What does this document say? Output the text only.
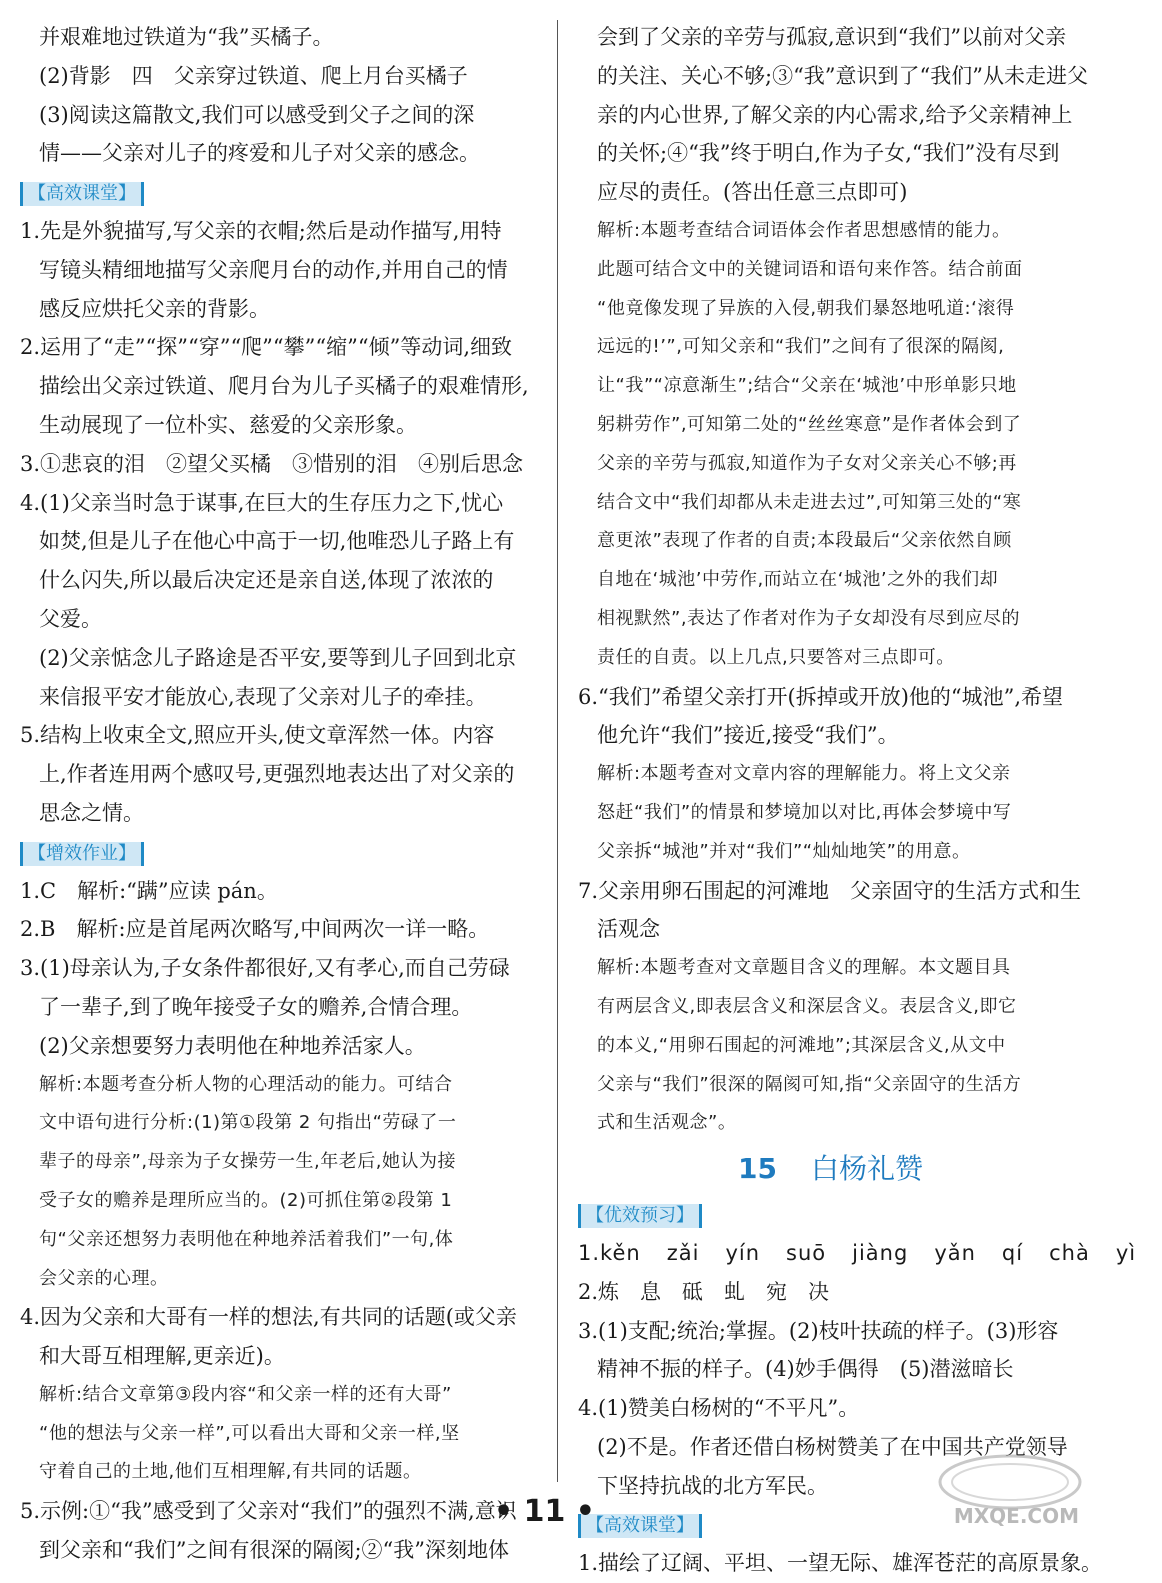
并艰难地过铁道为“我”买橘子。
(2)背影　四　父亲穿过铁道、爬上月台买橘子
(3)阅读这篇散文,我们可以感受到父子之间的深
情——父亲对儿子的疼爱和儿子对父亲的感念。
【高效课堂】
1.先是外貌描写,写父亲的衣帽;然后是动作描写,用特
写镜头精细地描写父亲爬月台的动作,并用自己的情
感反应烘托父亲的背影。
2.运用了“走”“探”“穿”“爬”“攀”“缩”“倾”等动词,细致
描绘出父亲过铁道、爬月台为儿子买橘子的艰难情形,
生动展现了一位朴实、慈爱的父亲形象。
3.①悲哀的泪　②望父买橘　③惜别的泪　④别后思念
4.(1)父亲当时急于谋事,在巨大的生存压力之下,忧心
如焚,但是儿子在他心中高于一切,他唯恐儿子路上有
什么闪失,所以最后决定还是亲自送,体现了浓浓的
父爱。
(2)父亲惦念儿子路途是否平安,要等到儿子回到北京
来信报平安才能放心,表现了父亲对儿子的牵挂。
5.结构上收束全文,照应开头,使文章浑然一体。内容
上,作者连用两个感叹号,更强烈地表达出了对父亲的
思念之情。
【增效作业】
1.C　解析:“蹒”应读 pán。
2.B　解析:应是首尾两次略写,中间两次一详一略。
3.(1)母亲认为,子女条件都很好,又有孝心,而自己劳碌
了一辈子,到了晚年接受子女的赡养,合情合理。
(2)父亲想要努力表明他在种地养活家人。
解析:本题考查分析人物的心理活动的能力。可结合
文中语句进行分析:(1)第①段第 2 句指出“劳碌了一
辈子的母亲”,母亲为子女操劳一生,年老后,她认为接
受子女的赡养是理所应当的。(2)可抓住第②段第 1
句“父亲还想努力表明他在种地养活着我们”一句,体
会父亲的心理。
4.因为父亲和大哥有一样的想法,有共同的话题(或父亲
和大哥互相理解,更亲近)。
解析:结合文章第③段内容“和父亲一样的还有大哥”
“他的想法与父亲一样”,可以看出大哥和父亲一样,坚
守着自己的土地,他们互相理解,有共同的话题。
5.示例:①“我”感受到了父亲对“我们”的强烈不满,意识
到父亲和“我们”之间有很深的隔阂;②“我”深刻地体
会到了父亲的辛劳与孤寂,意识到“我们”以前对父亲
的关注、关心不够;③“我”意识到了“我们”从未走进父
亲的内心世界,了解父亲的内心需求,给予父亲精神上
的关怀;④“我”终于明白,作为子女,“我们”没有尽到
应尽的责任。(答出任意三点即可)
解析:本题考查结合词语体会作者思想感情的能力。
此题可结合文中的关键词语和语句来作答。结合前面
“他竟像发现了异族的入侵,朝我们暴怒地吼道:‘滚得
远远的!’”,可知父亲和“我们”之间有了很深的隔阂,
让“我”“凉意渐生”;结合“父亲在‘城池’中形单影只地
躬耕劳作”,可知第二处的“丝丝寒意”是作者体会到了
父亲的辛劳与孤寂,知道作为子女对父亲关心不够;再
结合文中“我们却都从未走进去过”,可知第三处的“寒
意更浓”表现了作者的自责;本段最后“父亲依然自顾
自地在‘城池’中劳作,而站立在‘城池’之外的我们却
相视默然”,表达了作者对作为子女却没有尽到应尽的
责任的自责。以上几点,只要答对三点即可。
6.“我们”希望父亲打开(拆掉或开放)他的“城池”,希望
他允许“我们”接近,接受“我们”。
解析:本题考查对文章内容的理解能力。将上文父亲
怒赶“我们”的情景和梦境加以对比,再体会梦境中写
父亲拆“城池”并对“我们”“灿灿地笑”的用意。
7.父亲用卵石围起的河滩地　父亲固守的生活方式和生
活观念
解析:本题考查对文章题目含义的理解。本文题目具
有两层含义,即表层含义和深层含义。表层含义,即它
的本义,“用卵石围起的河滩地”;其深层含义,从文中
父亲与“我们”很深的隔阂可知,指“父亲固守的生活方
式和生活观念”。
15 白杨礼赞
【优效预习】
1.kěn zǎi yín suō jiàng yǎn qí chà yì
2.炼　息　砥　虬　宛　决
3.(1)支配;统治;掌握。(2)枝叶扶疏的样子。(3)形容
精神不振的样子。(4)妙手偶得　(5)潜滋暗长
4.(1)赞美白杨树的“不平凡”。
(2)不是。作者还借白杨树赞美了在中国共产党领导
下坚持抗战的北方军民。
【高效课堂】
1.描绘了辽阔、平坦、一望无际、雄浑苍茫的高原景象。
• 11 •	MXQE.COM
